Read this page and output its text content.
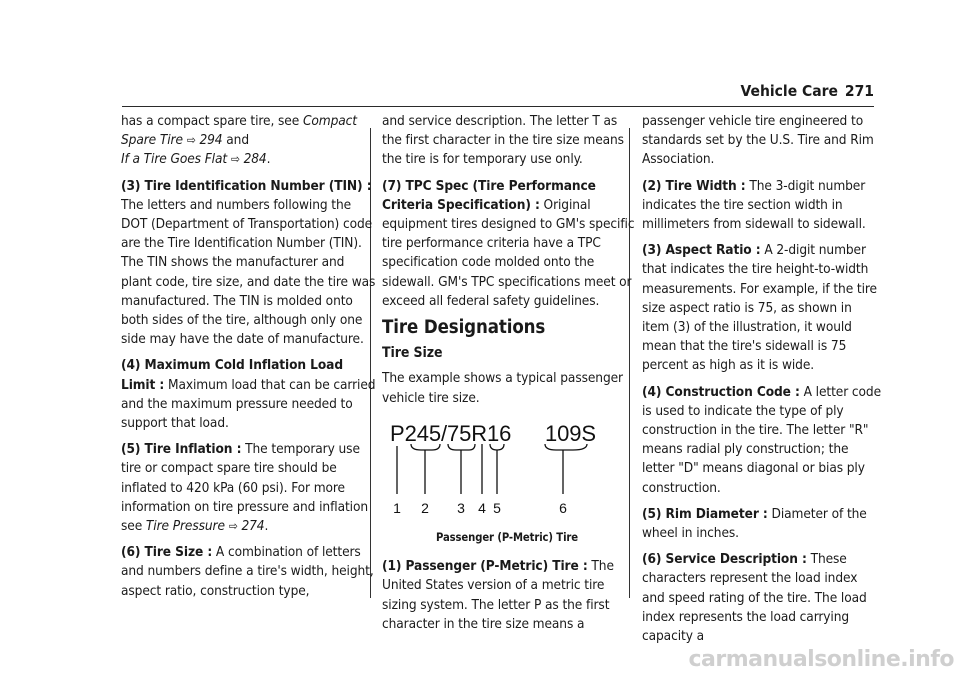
Vehicle Care 271

has a compact spare tire, see Compact Spare Tire ⇨ 294 and
If a Tire Goes Flat ⇨ 284.

(3) Tire Identification Number (TIN) : The letters and numbers following the DOT (Department of Transportation) code are the Tire Identification Number (TIN). The TIN shows the manufacturer and plant code, tire size, and date the tire was manufactured. The TIN is molded onto both sides of the tire, although only one side may have the date of manufacture.

(4) Maximum Cold Inflation Load Limit : Maximum load that can be carried and the maximum pressure needed to support that load.

(5) Tire Inflation : The temporary use tire or compact spare tire should be inflated to 420 kPa (60 psi). For more information on tire pressure and inflation see Tire Pressure ⇨ 274.

(6) Tire Size : A combination of letters and numbers define a tire's width, height, aspect ratio, construction type,

and service description. The letter T as the first character in the tire size means the tire is for temporary use only.

(7) TPC Spec (Tire Performance Criteria Specification) : Original equipment tires designed to GM's specific tire performance criteria have a TPC specification code molded onto the sidewall. GM's TPC specifications meet or exceed all federal safety guidelines.

Tire Designations
Tire Size

The example shows a typical passenger vehicle tire size.

P245/75R16 109S
1 2 3 4 5	6
Passenger (P-Metric) Tire

(1) Passenger (P-Metric) Tire : The United States version of a metric tire sizing system. The letter P as the first character in the tire size means a

passenger vehicle tire engineered to standards set by the U.S. Tire and Rim Association.

(2) Tire Width : The 3-digit number indicates the tire section width in millimeters from sidewall to sidewall.

(3) Aspect Ratio : A 2-digit number that indicates the tire height-to-width measurements. For example, if the tire size aspect ratio is 75, as shown in item (3) of the illustration, it would mean that the tire's sidewall is 75 percent as high as it is wide.

(4) Construction Code : A letter code is used to indicate the type of ply construction in the tire. The letter "R" means radial ply construction; the letter "D" means diagonal or bias ply construction.

(5) Rim Diameter : Diameter of the wheel in inches.

(6) Service Description : These characters represent the load index and speed rating of the tire. The load index represents the load carrying capacity a

carmanualsonline.info
